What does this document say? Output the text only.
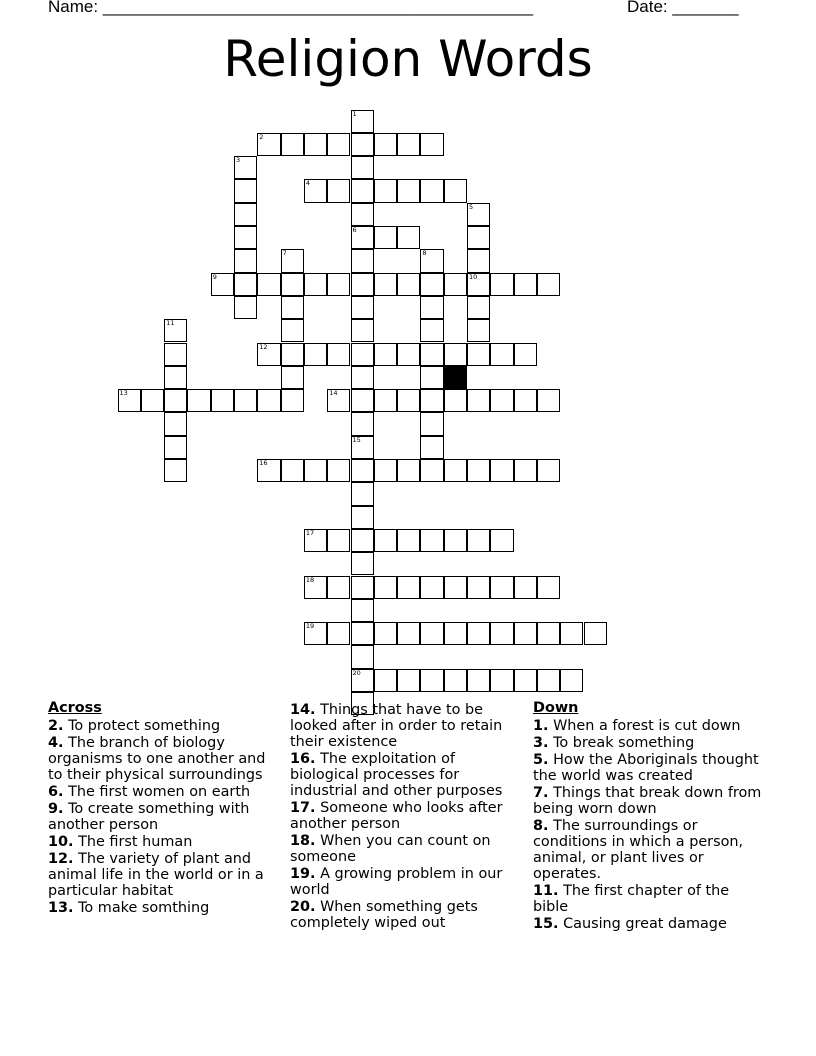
Name: ________________________________________________	Date: _______
Religion Words
1
6
2
3
4
5
10
7	8
9
11
12
13	14
15
20
16
17
18
19
Across
2. To protect something
4. The branch of biology organisms to one another and to their physical surroundings
6. The first women on earth
9. To create something with another person
10. The first human
12. The variety of plant and animal life in the world or in a particular habitat
13. To make somthing
14. Things that have to be looked after in order to retain their existence
16. The exploitation of biological processes for industrial and other purposes
17. Someone who looks after another person
18. When you can count on someone
19. A growing problem in our world
20. When something gets completely wiped out
Down
1. When a forest is cut down
3. To break something
5. How the Aboriginals thought the world was created
7. Things that break down from being worn down
8. The surroundings or conditions in which a person, animal, or plant lives or operates.
11. The first chapter of the bible
15. Causing great damage
